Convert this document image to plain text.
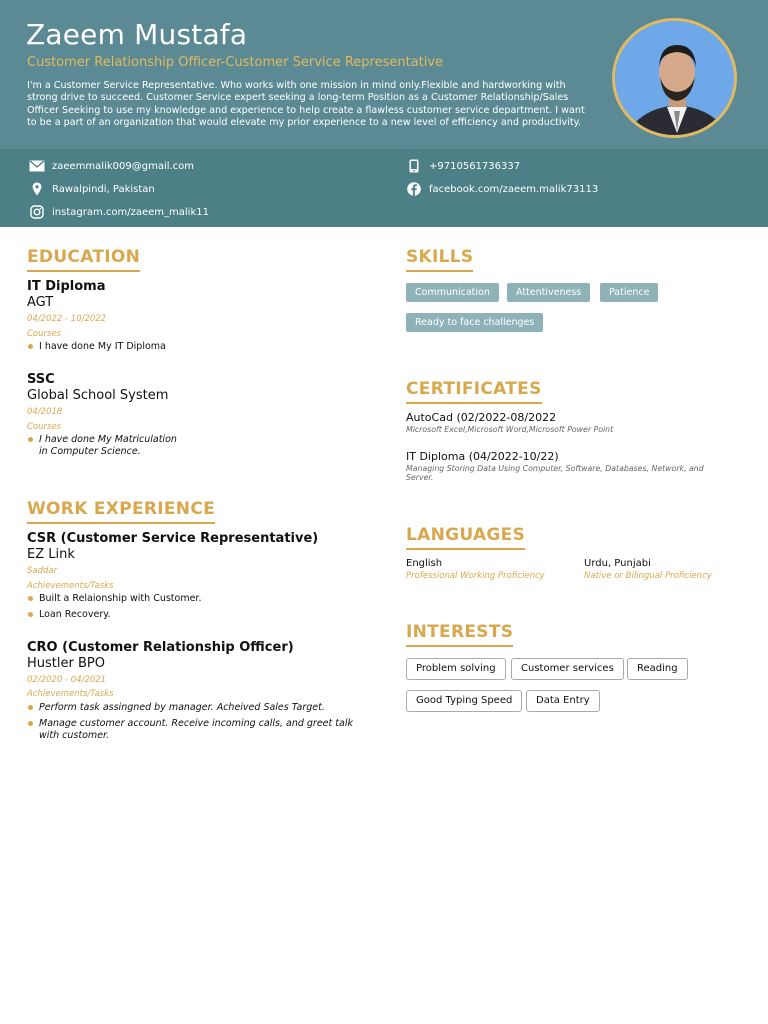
Zaeem Mustafa
Customer Relationship Officer-Customer Service Representative
I'm a Customer Service Representative. Who works with one mission in mind only.Flexible and hardworking with strong drive to succeed. Customer Service expert seeking a long-term Position as a Customer Relationship/Sales Officer Seeking to use my knowledge and experience to help create a flawless customer service department. I want to be a part of an organization that would elevate my prior experience to a new level of efficiency and productivity.
zaeemmalik009@gmail.com	+9710561736337
Rawalpindi, Pakistan	facebook.com/zaeem.malik73113
instagram.com/zaeem_malik11
EDUCATION
IT Diploma
AGT
04/2022 - 10/2022
Courses
I have done My IT Diploma
SSC
Global School System
04/2018
Courses
I have done My Matriculation in Computer Science.
WORK EXPERIENCE
CSR (Customer Service Representative)
EZ Link
Saddar
Achievements/Tasks
Built a Relaionship with Customer.
Loan Recovery.
CRO (Customer Relationship Officer)
Hustler BPO
02/2020 - 04/2021
Achievements/Tasks
Perform task assingned by manager. Acheived Sales Target.
Manage customer account. Receive incoming calls, and greet talk with customer.
SKILLS
Communication	Attentiveness	Patience
Ready to face challenges
CERTIFICATES
AutoCad (02/2022-08/2022
Microsoft Excel,Microsoft Word,Microsoft Power Point
IT Diploma (04/2022-10/22)
Managing Storing Data Using Computer, Software, Databases, Network, and Server.
LANGUAGES
English
Professional Working Proficiency
Urdu, Punjabi
Native or Bilingual Proficiency
INTERESTS
Problem solving	Customer services	Reading
Good Typing Speed	Data Entry
